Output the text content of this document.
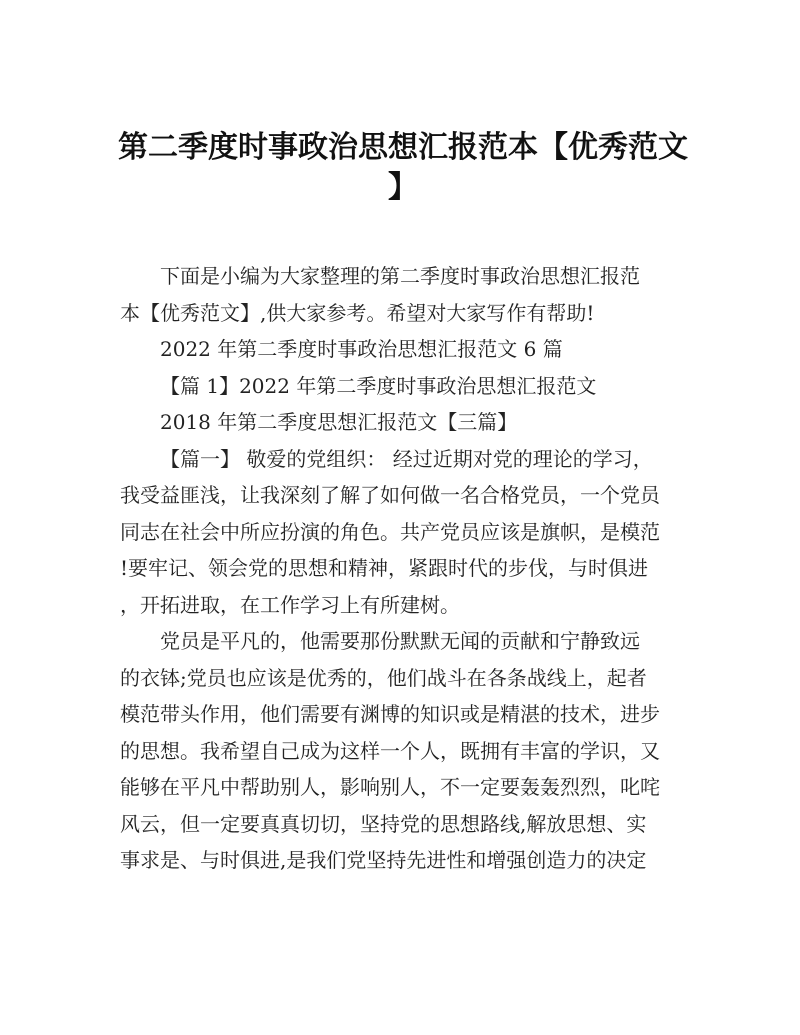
第二季度时事政治思想汇报范本【优秀范文
】
下面是小编为大家整理的第二季度时事政治思想汇报范
本【优秀范文】,供大家参考。希望对大家写作有帮助!
2022 年第二季度时事政治思想汇报范文 6 篇
【篇 1】2022 年第二季度时事政治思想汇报范文
2018 年第二季度思想汇报范文【三篇】
【篇一】 敬爱的党组织： 经过近期对党的理论的学习，
我受益匪浅，让我深刻了解了如何做一名合格党员，一个党员
同志在社会中所应扮演的角色。共产党员应该是旗帜，是模范
!要牢记、领会党的思想和精神，紧跟时代的步伐，与时俱进
，开拓进取，在工作学习上有所建树。
党员是平凡的，他需要那份默默无闻的贡献和宁静致远
的衣钵;党员也应该是优秀的，他们战斗在各条战线上，起者
模范带头作用，他们需要有渊博的知识或是精湛的技术，进步
的思想。我希望自己成为这样一个人，既拥有丰富的学识，又
能够在平凡中帮助别人，影响别人，不一定要轰轰烈烈，叱咤
风云，但一定要真真切切，坚持党的思想路线,解放思想、实
事求是、与时俱进,是我们党坚持先进性和增强创造力的决定
